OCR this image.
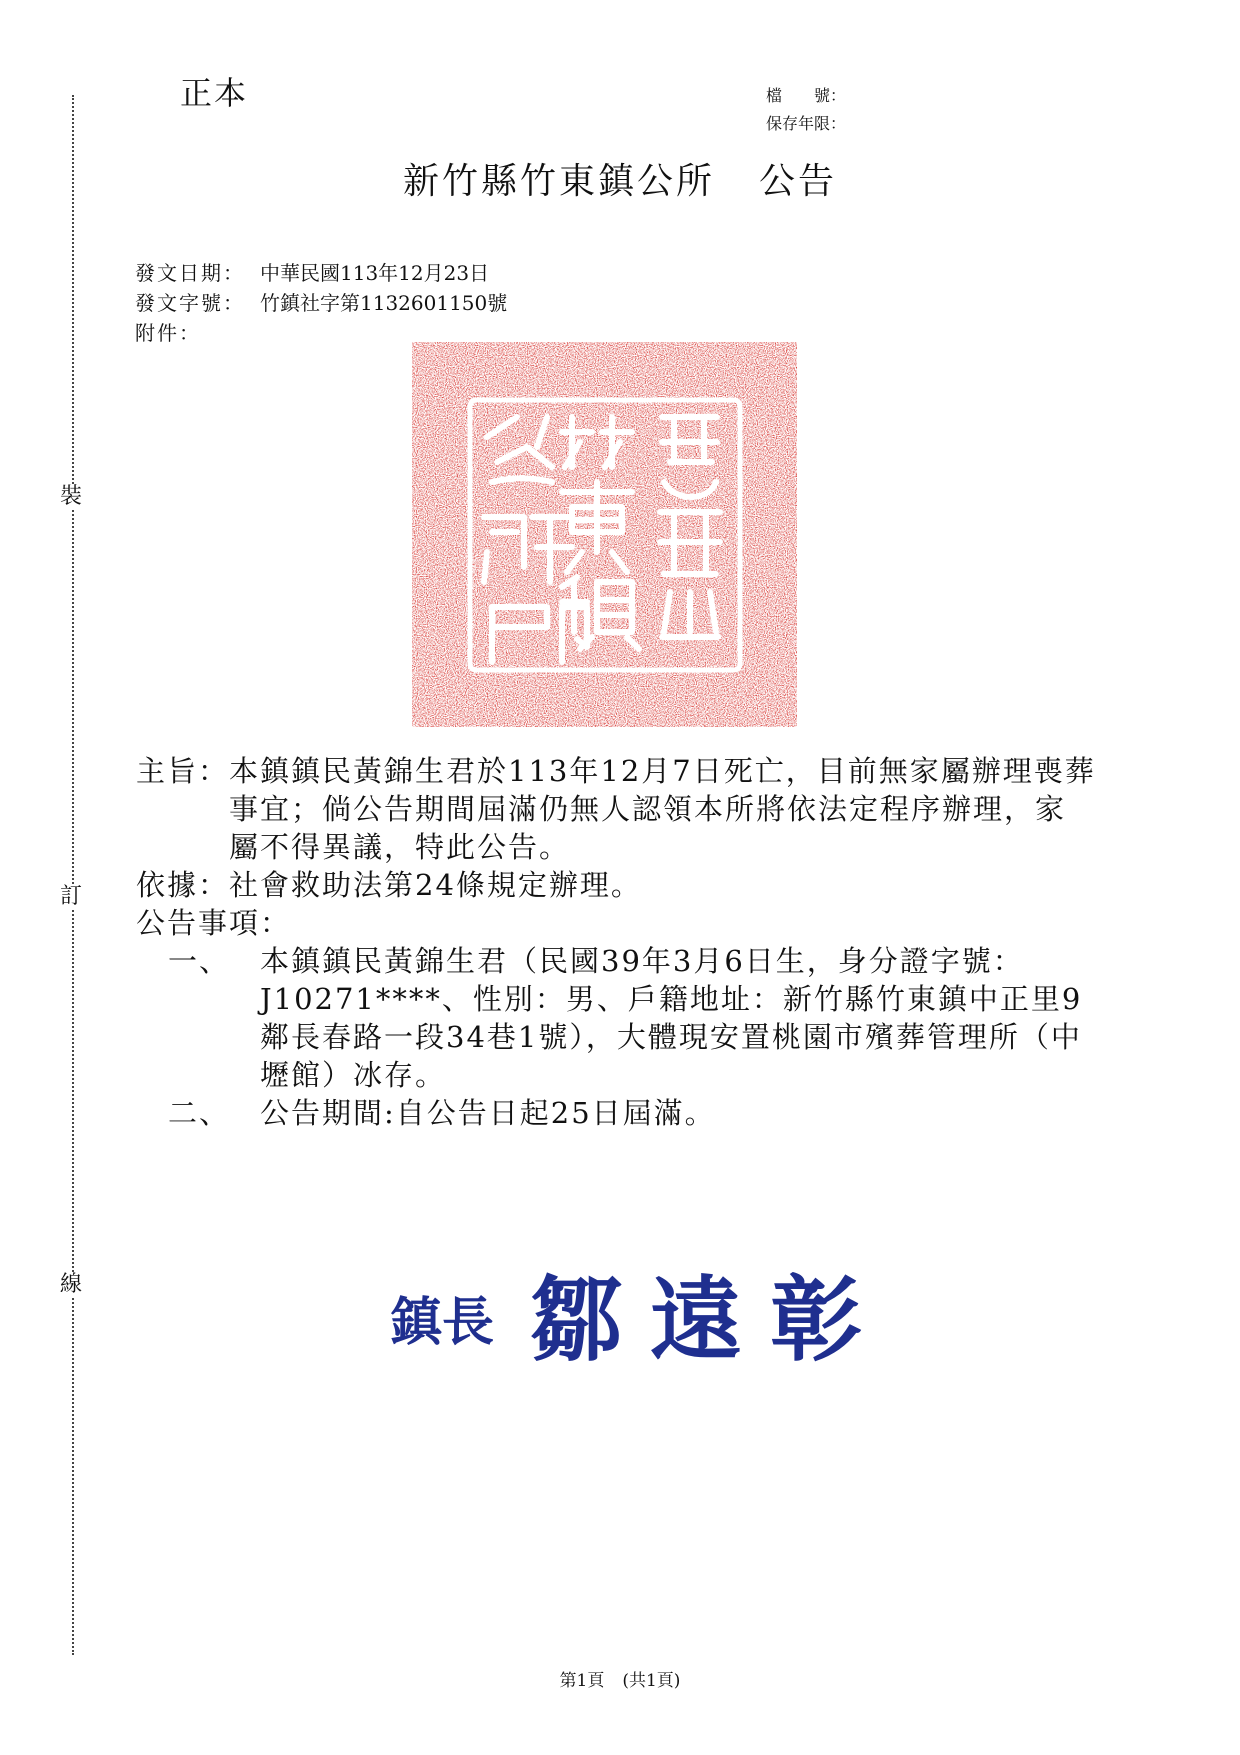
裝
訂
線
正本	檔　　號：
保存年限：
新竹縣竹東鎮公所 公告
發文日期： 中華民國113年12月23日
發文字號： 竹鎮社字第1132601150號
附件：
主旨： 本鎮鎮民黃錦生君於113年12月7日死亡，目前無家屬辦理喪葬事宜；倘公告期間屆滿仍無人認領本所將依法定程序辦理，家屬不得異議，特此公告。
依據： 社會救助法第24條規定辦理。
公告事項：
一、	本鎮鎮民黃錦生君（民國39年3月6日生，身分證字號：J10271****、性別：男、戶籍地址：新竹縣竹東鎮中正里9鄰長春路一段34巷1號），大體現安置桃園市殯葬管理所（中壢館）冰存。
二、	公告期間:自公告日起25日屆滿。
鎮長 鄒遠彰
第1頁 (共1頁)
